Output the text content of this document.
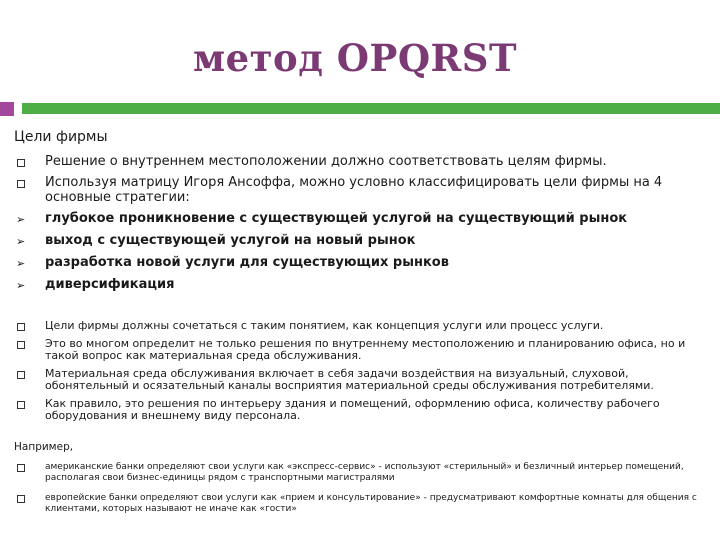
метод OPQRST
Цели фирмы
Решение о внутреннем местоположении должно соответствовать целям фирмы.
Используя матрицу Игоря Ансоффа, можно условно классифицировать цели фирмы на 4 основные стратегии:
➢ глубокое проникновение с существующей услугой на существующий рынок
➢ выход с существующей услугой на новый рынок
➢ разработка новой услуги для существующих рынков
➢ диверсификация
Цели фирмы должны сочетаться с таким понятием, как концепция услуги или процесс услуги.
Это во многом определит не только решения по внутреннему местоположению и планированию офиса, но и такой вопрос как материальная среда обслуживания.
Материальная среда обслуживания включает в себя задачи воздействия на визуальный, слуховой, обонятельный и осязательный каналы восприятия материальной среды обслуживания потребителями.
Как правило, это решения по интерьеру здания и помещений, оформлению офиса, количеству рабочего оборудования и внешнему виду персонала.
Например,
американские банки определяют свои услуги как «экспресс-сервис» - используют «стерильный» и безличный интерьер помещений, располагая свои бизнес-единицы рядом с транспортными магистралями
европейские банки определяют свои услуги как «прием и консультирование» - предусматривают комфортные комнаты для общения с клиентами, которых называют не иначе как «гости»
